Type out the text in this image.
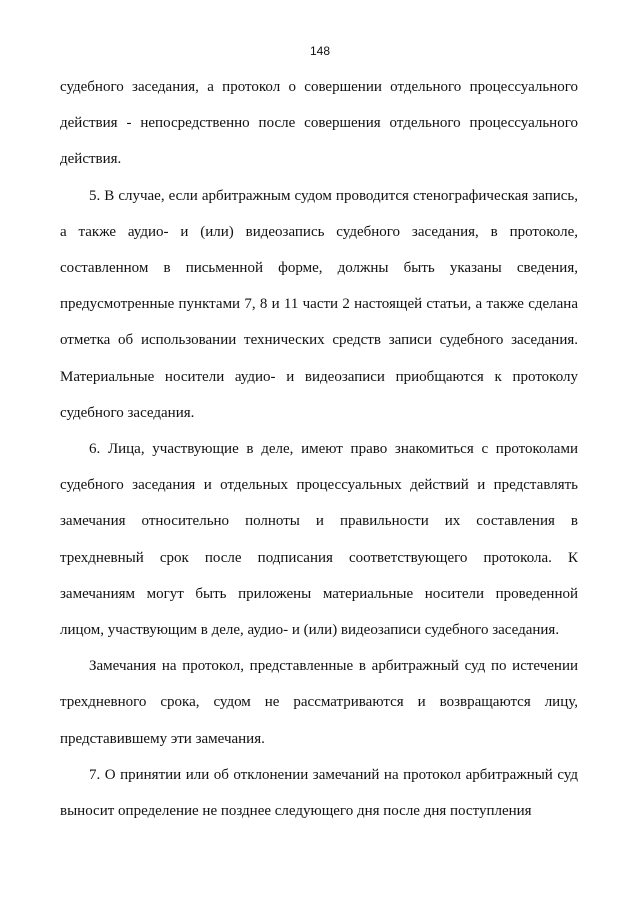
148

судебного заседания, а протокол о совершении отдельного процессуального действия - непосредственно после совершения отдельного процессуального действия.

5. В случае, если арбитражным судом проводится стенографическая запись, а также аудио- и (или) видеозапись судебного заседания, в протоколе, составленном в письменной форме, должны быть указаны сведения, предусмотренные пунктами 7, 8 и 11 части 2 настоящей статьи, а также сделана отметка об использовании технических средств записи судебного заседания. Материальные носители аудио- и видеозаписи приобщаются к протоколу судебного заседания.

6. Лица, участвующие в деле, имеют право знакомиться с протоколами судебного заседания и отдельных процессуальных действий и представлять замечания относительно полноты и правильности их составления в трехдневный срок после подписания соответствующего протокола. К замечаниям могут быть приложены материальные носители проведенной лицом, участвующим в деле, аудио- и (или) видеозаписи судебного заседания.

Замечания на протокол, представленные в арбитражный суд по истечении трехдневного срока, судом не рассматриваются и возвращаются лицу, представившему эти замечания.

7. О принятии или об отклонении замечаний на протокол арбитражный суд выносит определение не позднее следующего дня после дня поступления
